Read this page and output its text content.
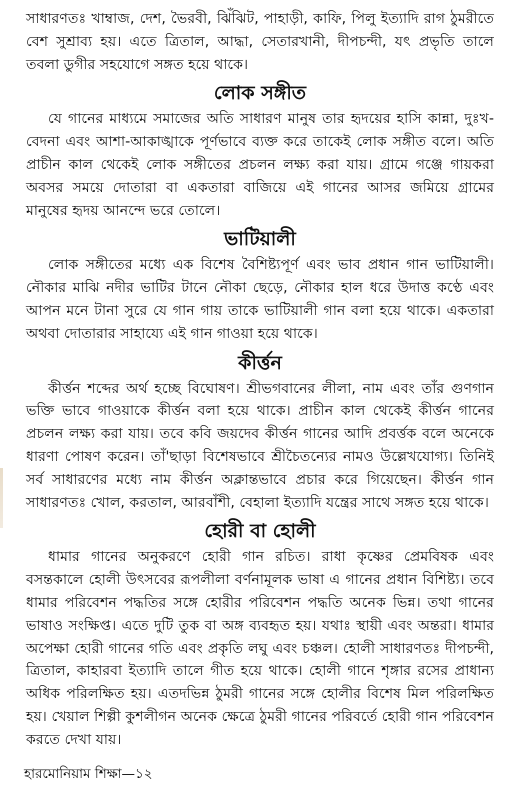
সাধারণতঃ খাম্বাজ, দেশ, ভৈরবী, ঝিঁঝিট, পাহাড়ী, কাফি, পিলু ইত্যাদি রাগ ঠুমরীতে বেশ সুশ্রাব্য হয়। এতে ত্রিতাল, আদ্ধা, সেতারখানী, দীপচন্দী, যৎ প্রভৃতি তালে তবলা ডুগীর সহযোগে সঙ্গত হয়ে থাকে।

লোক সঙ্গীত

যে গানের মাধ্যমে সমাজের অতি সাধারণ মানুষ তার হৃদয়ের হাসি কান্না, দুঃখ-বেদনা এবং আশা-আকাঙ্খাকে পূর্ণভাবে ব্যক্ত করে তাকেই লোক সঙ্গীত বলে। অতি প্রাচীন কাল থেকেই লোক সঙ্গীতের প্রচলন লক্ষ্য করা যায়। গ্রামে গঞ্জে গায়করা অবসর সময়ে দোতারা বা একতারা বাজিয়ে এই গানের আসর জমিয়ে গ্রামের মানুষের হৃদয় আনন্দে ভরে তোলে।

ভাটিয়ালী

লোক সঙ্গীতের মধ্যে এক বিশেষ বৈশিষ্ট্যপূর্ণ এবং ভাব প্রধান গান ভাটিয়ালী। নৌকার মাঝি নদীর ভাটির টানে নৌকা ছেড়ে, নৌকার হাল ধরে উদাত্ত কণ্ঠে এবং আপন মনে টানা সুরে যে গান গায় তাকে ভাটিয়ালী গান বলা হয়ে থাকে। একতারা অথবা দোতারার সাহায্যে এই গান গাওয়া হয়ে থাকে।

কীর্ত্তন

কীর্ত্তন শব্দের অর্থ হচ্ছে বিঘোষণ। শ্রীভগবানের লীলা, নাম এবং তাঁর গুণগান ভক্তি ভাবে গাওয়াকে কীর্ত্তন বলা হয়ে থাকে। প্রাচীন কাল থেকেই কীর্ত্তন গানের প্রচলন লক্ষ্য করা যায়। তবে কবি জয়দেব কীর্ত্তন গানের আদি প্রবর্ত্তক বলে অনেকে ধারণা পোষণ করেন। তাঁ'ছাড়া বিশেষভাবে শ্রীচৈতন্যের নামও উল্লেখযোগ্য। তিনিই সর্ব সাধারণের মধ্যে নাম কীর্ত্তন অক্লান্তভাবে প্রচার করে গিয়েছেন। কীর্ত্তন গান সাধারণতঃ খোল, করতাল, আরবাঁশী, বেহালা ইত্যাদি যন্ত্রের সাথে সঙ্গত হয়ে থাকে।

হোরী বা হোলী

ধামার গানের অনুকরণে হোরী গান রচিত। রাধা কৃষ্ণের প্রেমবিষক এবং বসন্তকালে হোলী উৎসবের রূপলীলা বর্ণনামূলক ভাষা এ গানের প্রধান বিশিষ্ট্য। তবে ধামার পরিবেশন পদ্ধতির সঙ্গে হোরীর পরিবেশন পদ্ধতি অনেক ভিন্ন। তথা গানের ভাষাও সংক্ষিপ্ত। এতে দুটি তুক বা অঙ্গ ব্যবহৃত হয়। যথাঃ স্থায়ী এবং অন্তরা। ধামার অপেক্ষা হোরী গানের গতি এবং প্রকৃতি লঘু এবং চঞ্চল। হোলী সাধারণতঃ দীপচন্দী, ত্রিতাল, কাহারবা ইত্যাদি তালে গীত হয়ে থাকে। হোলী গানে শৃঙ্গার রসের প্রাধান্য অধিক পরিলক্ষিত হয়। এতদভিন্ন ঠুমরী গানের সঙ্গে হোলীর বিশেষ মিল পরিলক্ষিত হয়। খেয়াল শিল্পী কুশলীগন অনেক ক্ষেত্রে ঠুমরী গানের পরিবর্তে হোরী গান পরিবেশন করতে দেখা যায়।

হারমোনিয়াম শিক্ষা—১২
